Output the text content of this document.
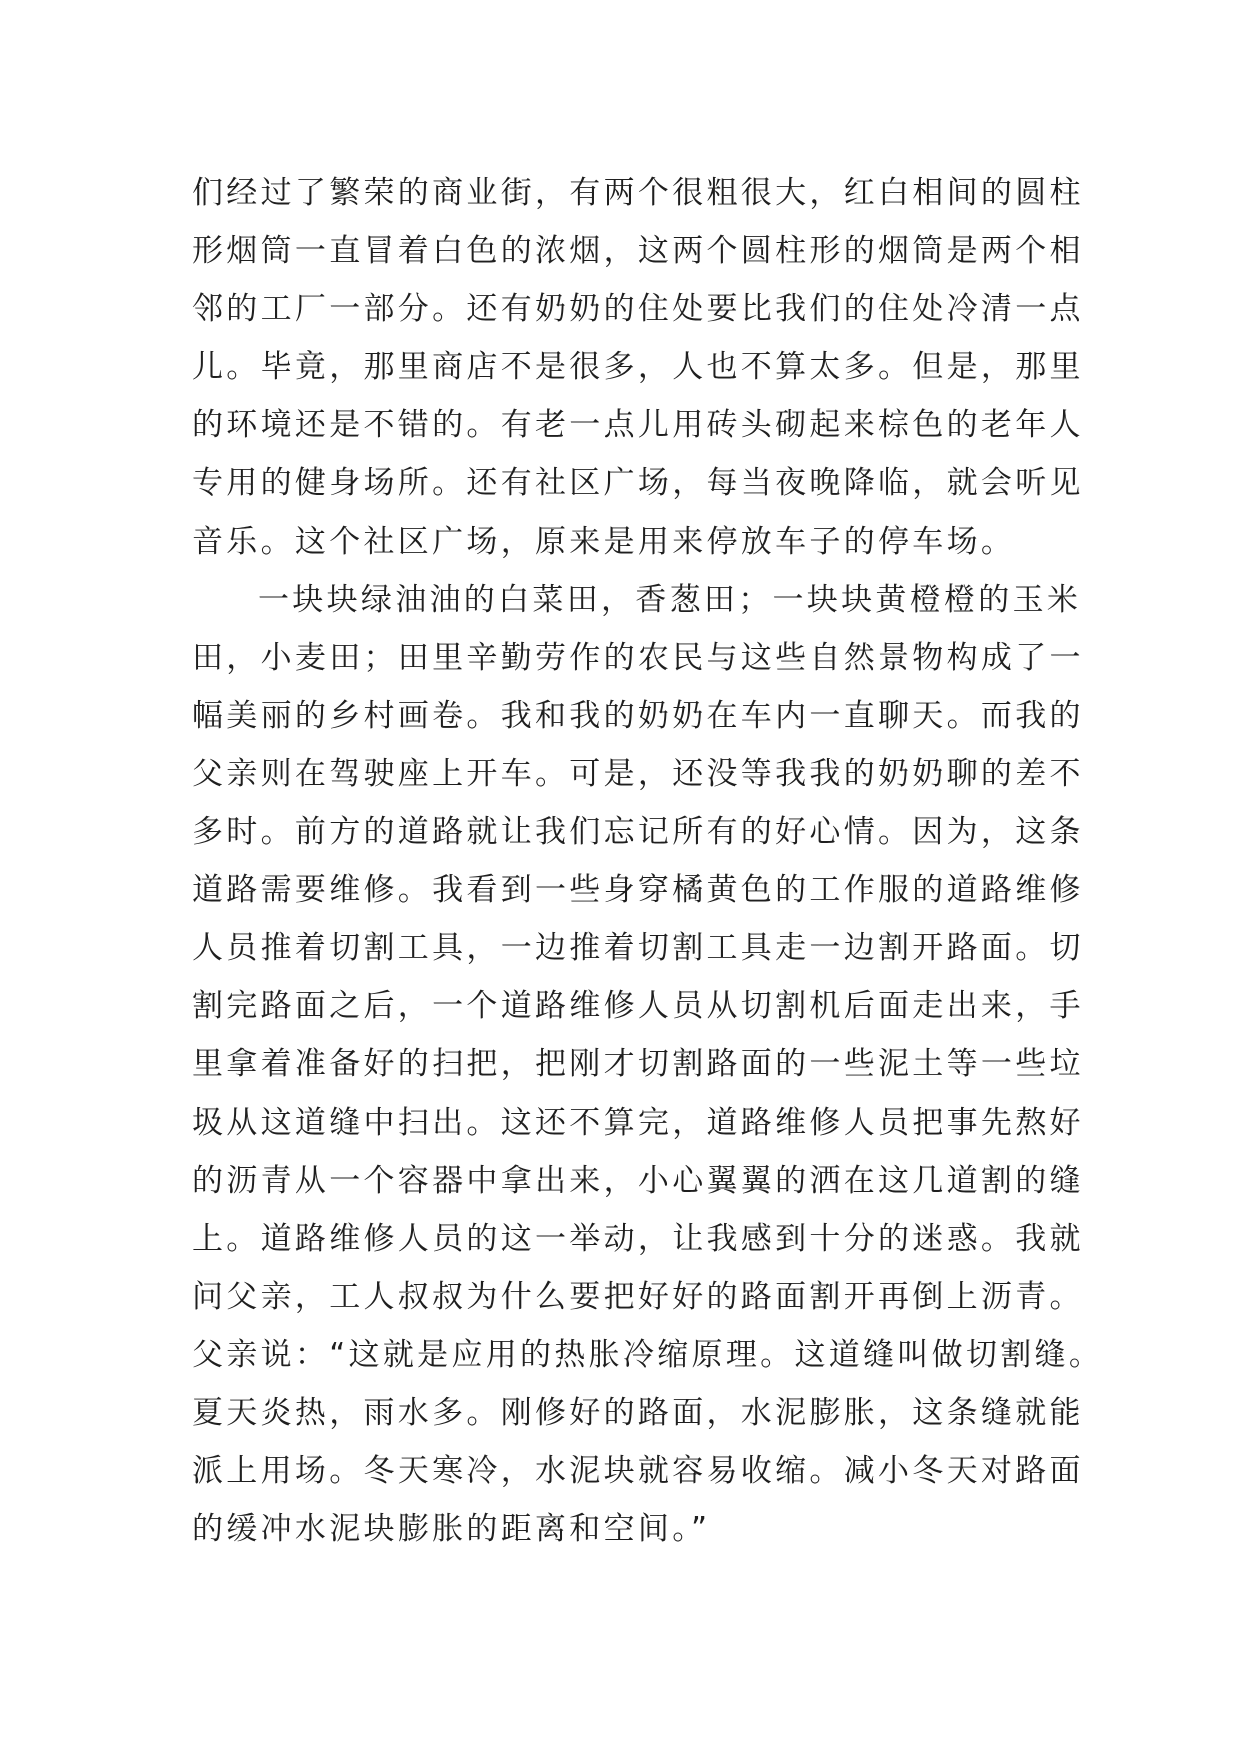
们经过了繁荣的商业街，有两个很粗很大，红白相间的圆柱
形烟筒一直冒着白色的浓烟，这两个圆柱形的烟筒是两个相
邻的工厂一部分。还有奶奶的住处要比我们的住处冷清一点
儿。毕竟，那里商店不是很多，人也不算太多。但是，那里
的环境还是不错的。有老一点儿用砖头砌起来棕色的老年人
专用的健身场所。还有社区广场，每当夜晚降临，就会听见
音乐。这个社区广场，原来是用来停放车子的停车场。
一块块绿油油的白菜田，香葱田；一块块黄橙橙的玉米
田，小麦田；田里辛勤劳作的农民与这些自然景物构成了一
幅美丽的乡村画卷。我和我的奶奶在车内一直聊天。而我的
父亲则在驾驶座上开车。可是，还没等我我的奶奶聊的差不
多时。前方的道路就让我们忘记所有的好心情。因为，这条
道路需要维修。我看到一些身穿橘黄色的工作服的道路维修
人员推着切割工具，一边推着切割工具走一边割开路面。切
割完路面之后，一个道路维修人员从切割机后面走出来，手
里拿着准备好的扫把，把刚才切割路面的一些泥土等一些垃
圾从这道缝中扫出。这还不算完，道路维修人员把事先熬好
的沥青从一个容器中拿出来，小心翼翼的洒在这几道割的缝
上。道路维修人员的这一举动，让我感到十分的迷惑。我就
问父亲，工人叔叔为什么要把好好的路面割开再倒上沥青。
父亲说：“这就是应用的热胀冷缩原理。这道缝叫做切割缝。
夏天炎热，雨水多。刚修好的路面，水泥膨胀，这条缝就能
派上用场。冬天寒冷，水泥块就容易收缩。减小冬天对路面
的缓冲水泥块膨胀的距离和空间。”
